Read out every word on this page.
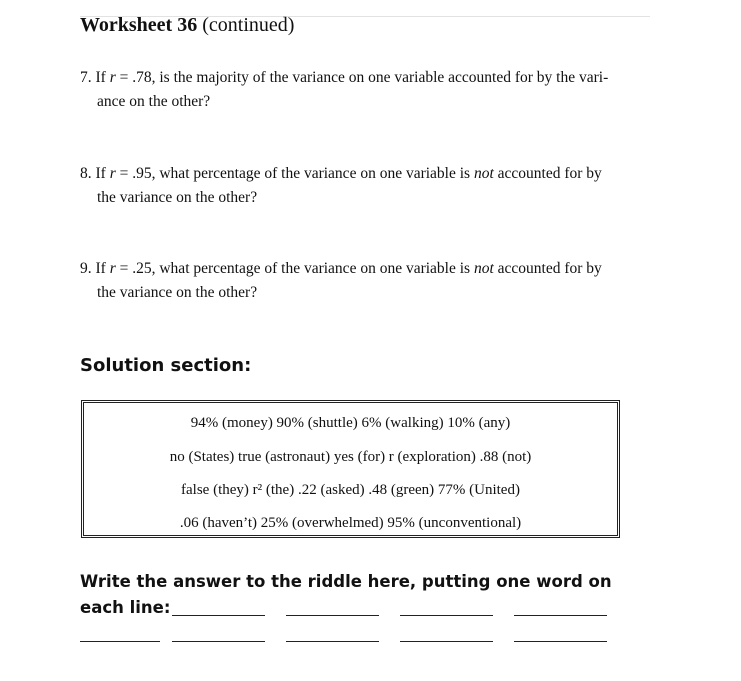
Worksheet 36 (continued)
7. If r = .78, is the majority of the variance on one variable accounted for by the vari-
ance on the other?
8. If r = .95, what percentage of the variance on one variable is not accounted for by
the variance on the other?
9. If r = .25, what percentage of the variance on one variable is not accounted for by
the variance on the other?
Solution section:
94% (money) 90% (shuttle) 6% (walking) 10% (any)
no (States) true (astronaut) yes (for) r (exploration) .88 (not)
false (they) r² (the) .22 (asked) .48 (green) 77% (United)
.06 (haven’t) 25% (overwhelmed) 95% (unconventional)
Write the answer to the riddle here, putting one word on
each line:
